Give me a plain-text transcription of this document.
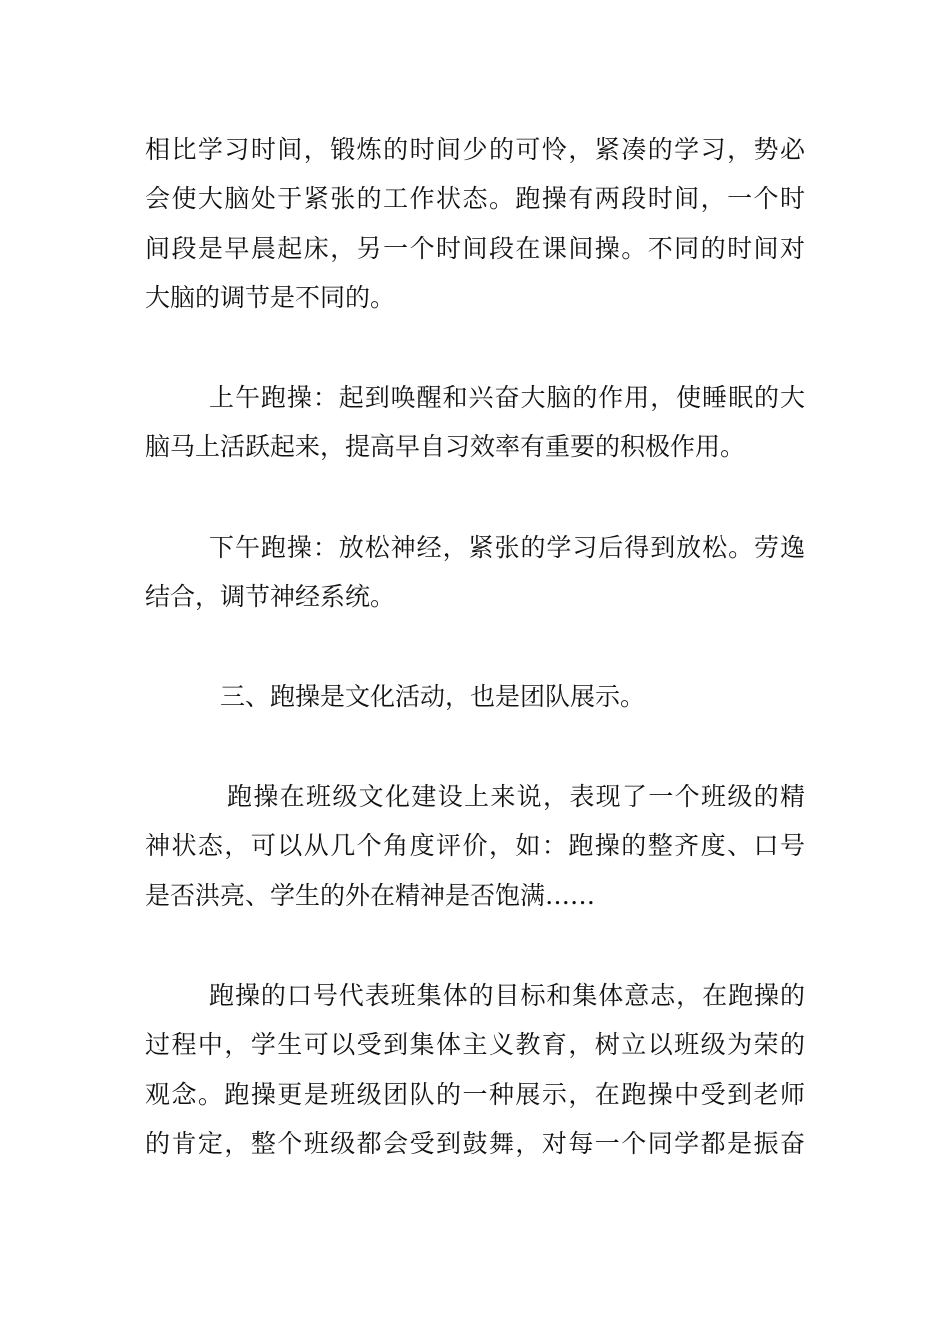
相比学习时间，锻炼的时间少的可怜，紧凑的学习，势必
会使大脑处于紧张的工作状态。跑操有两段时间，一个时
间段是早晨起床，另一个时间段在课间操。不同的时间对
大脑的调节是不同的。
上午跑操：起到唤醒和兴奋大脑的作用，使睡眠的大
脑马上活跃起来，提高早自习效率有重要的积极作用。
下午跑操：放松神经，紧张的学习后得到放松。劳逸
结合，调节神经系统。
三、跑操是文化活动，也是团队展示。
跑操在班级文化建设上来说，表现了一个班级的精
神状态，可以从几个角度评价，如：跑操的整齐度、口号
是否洪亮、学生的外在精神是否饱满‥‥‥
跑操的口号代表班集体的目标和集体意志，在跑操的
过程中，学生可以受到集体主义教育，树立以班级为荣的
观念。跑操更是班级团队的一种展示，在跑操中受到老师
的肯定，整个班级都会受到鼓舞，对每一个同学都是振奋
